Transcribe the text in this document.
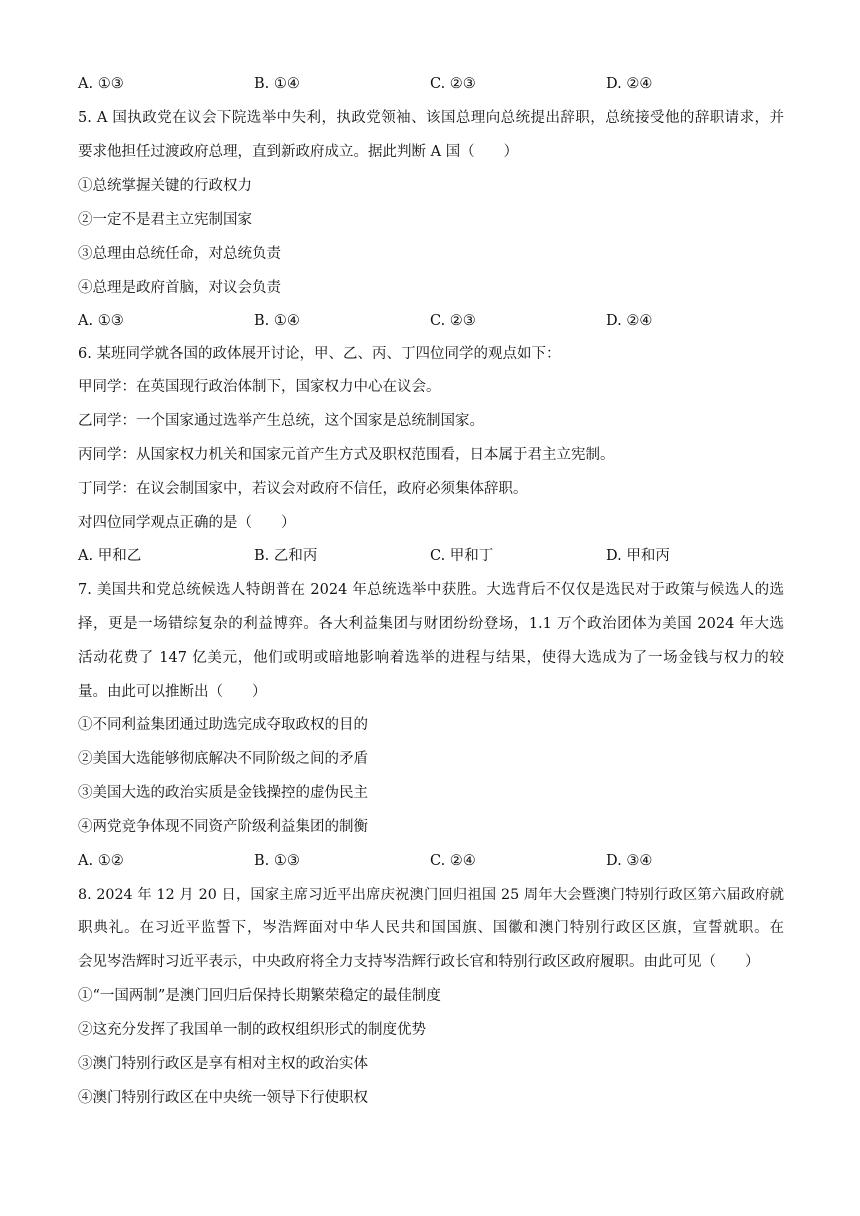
A. ①③	B. ①④	C. ②③	D. ②④
5. A 国执政党在议会下院选举中失利，执政党领袖、该国总理向总统提出辞职，总统接受他的辞职请求，并
要求他担任过渡政府总理，直到新政府成立。据此判断 A 国（　　）
①总统掌握关键的行政权力
②一定不是君主立宪制国家
③总理由总统任命，对总统负责
④总理是政府首脑，对议会负责
A. ①③	B. ①④	C. ②③	D. ②④
6. 某班同学就各国的政体展开讨论，甲、乙、丙、丁四位同学的观点如下：
甲同学：在英国现行政治体制下，国家权力中心在议会。
乙同学：一个国家通过选举产生总统，这个国家是总统制国家。
丙同学：从国家权力机关和国家元首产生方式及职权范围看，日本属于君主立宪制。
丁同学：在议会制国家中，若议会对政府不信任，政府必须集体辞职。
对四位同学观点正确的是（　　）
A. 甲和乙	B. 乙和丙	C. 甲和丁	D. 甲和丙
7. 美国共和党总统候选人特朗普在 2024 年总统选举中获胜。大选背后不仅仅是选民对于政策与候选人的选
择，更是一场错综复杂的利益博弈。各大利益集团与财团纷纷登场，1.1 万个政治团体为美国 2024 年大选
活动花费了 147 亿美元，他们或明或暗地影响着选举的进程与结果，使得大选成为了一场金钱与权力的较
量。由此可以推断出（　　）
①不同利益集团通过助选完成夺取政权的目的
②美国大选能够彻底解决不同阶级之间的矛盾
③美国大选的政治实质是金钱操控的虚伪民主
④两党竞争体现不同资产阶级利益集团的制衡
A. ①②	B. ①③	C. ②④	D. ③④
8. 2024 年 12 月 20 日，国家主席习近平出席庆祝澳门回归祖国 25 周年大会暨澳门特别行政区第六届政府就
职典礼。在习近平监誓下，岑浩辉面对中华人民共和国国旗、国徽和澳门特别行政区区旗，宣誓就职。在
会见岑浩辉时习近平表示，中央政府将全力支持岑浩辉行政长官和特别行政区政府履职。由此可见（　　）
①“一国两制”是澳门回归后保持长期繁荣稳定的最佳制度
②这充分发挥了我国单一制的政权组织形式的制度优势
③澳门特别行政区是享有相对主权的政治实体
④澳门特别行政区在中央统一领导下行使职权
